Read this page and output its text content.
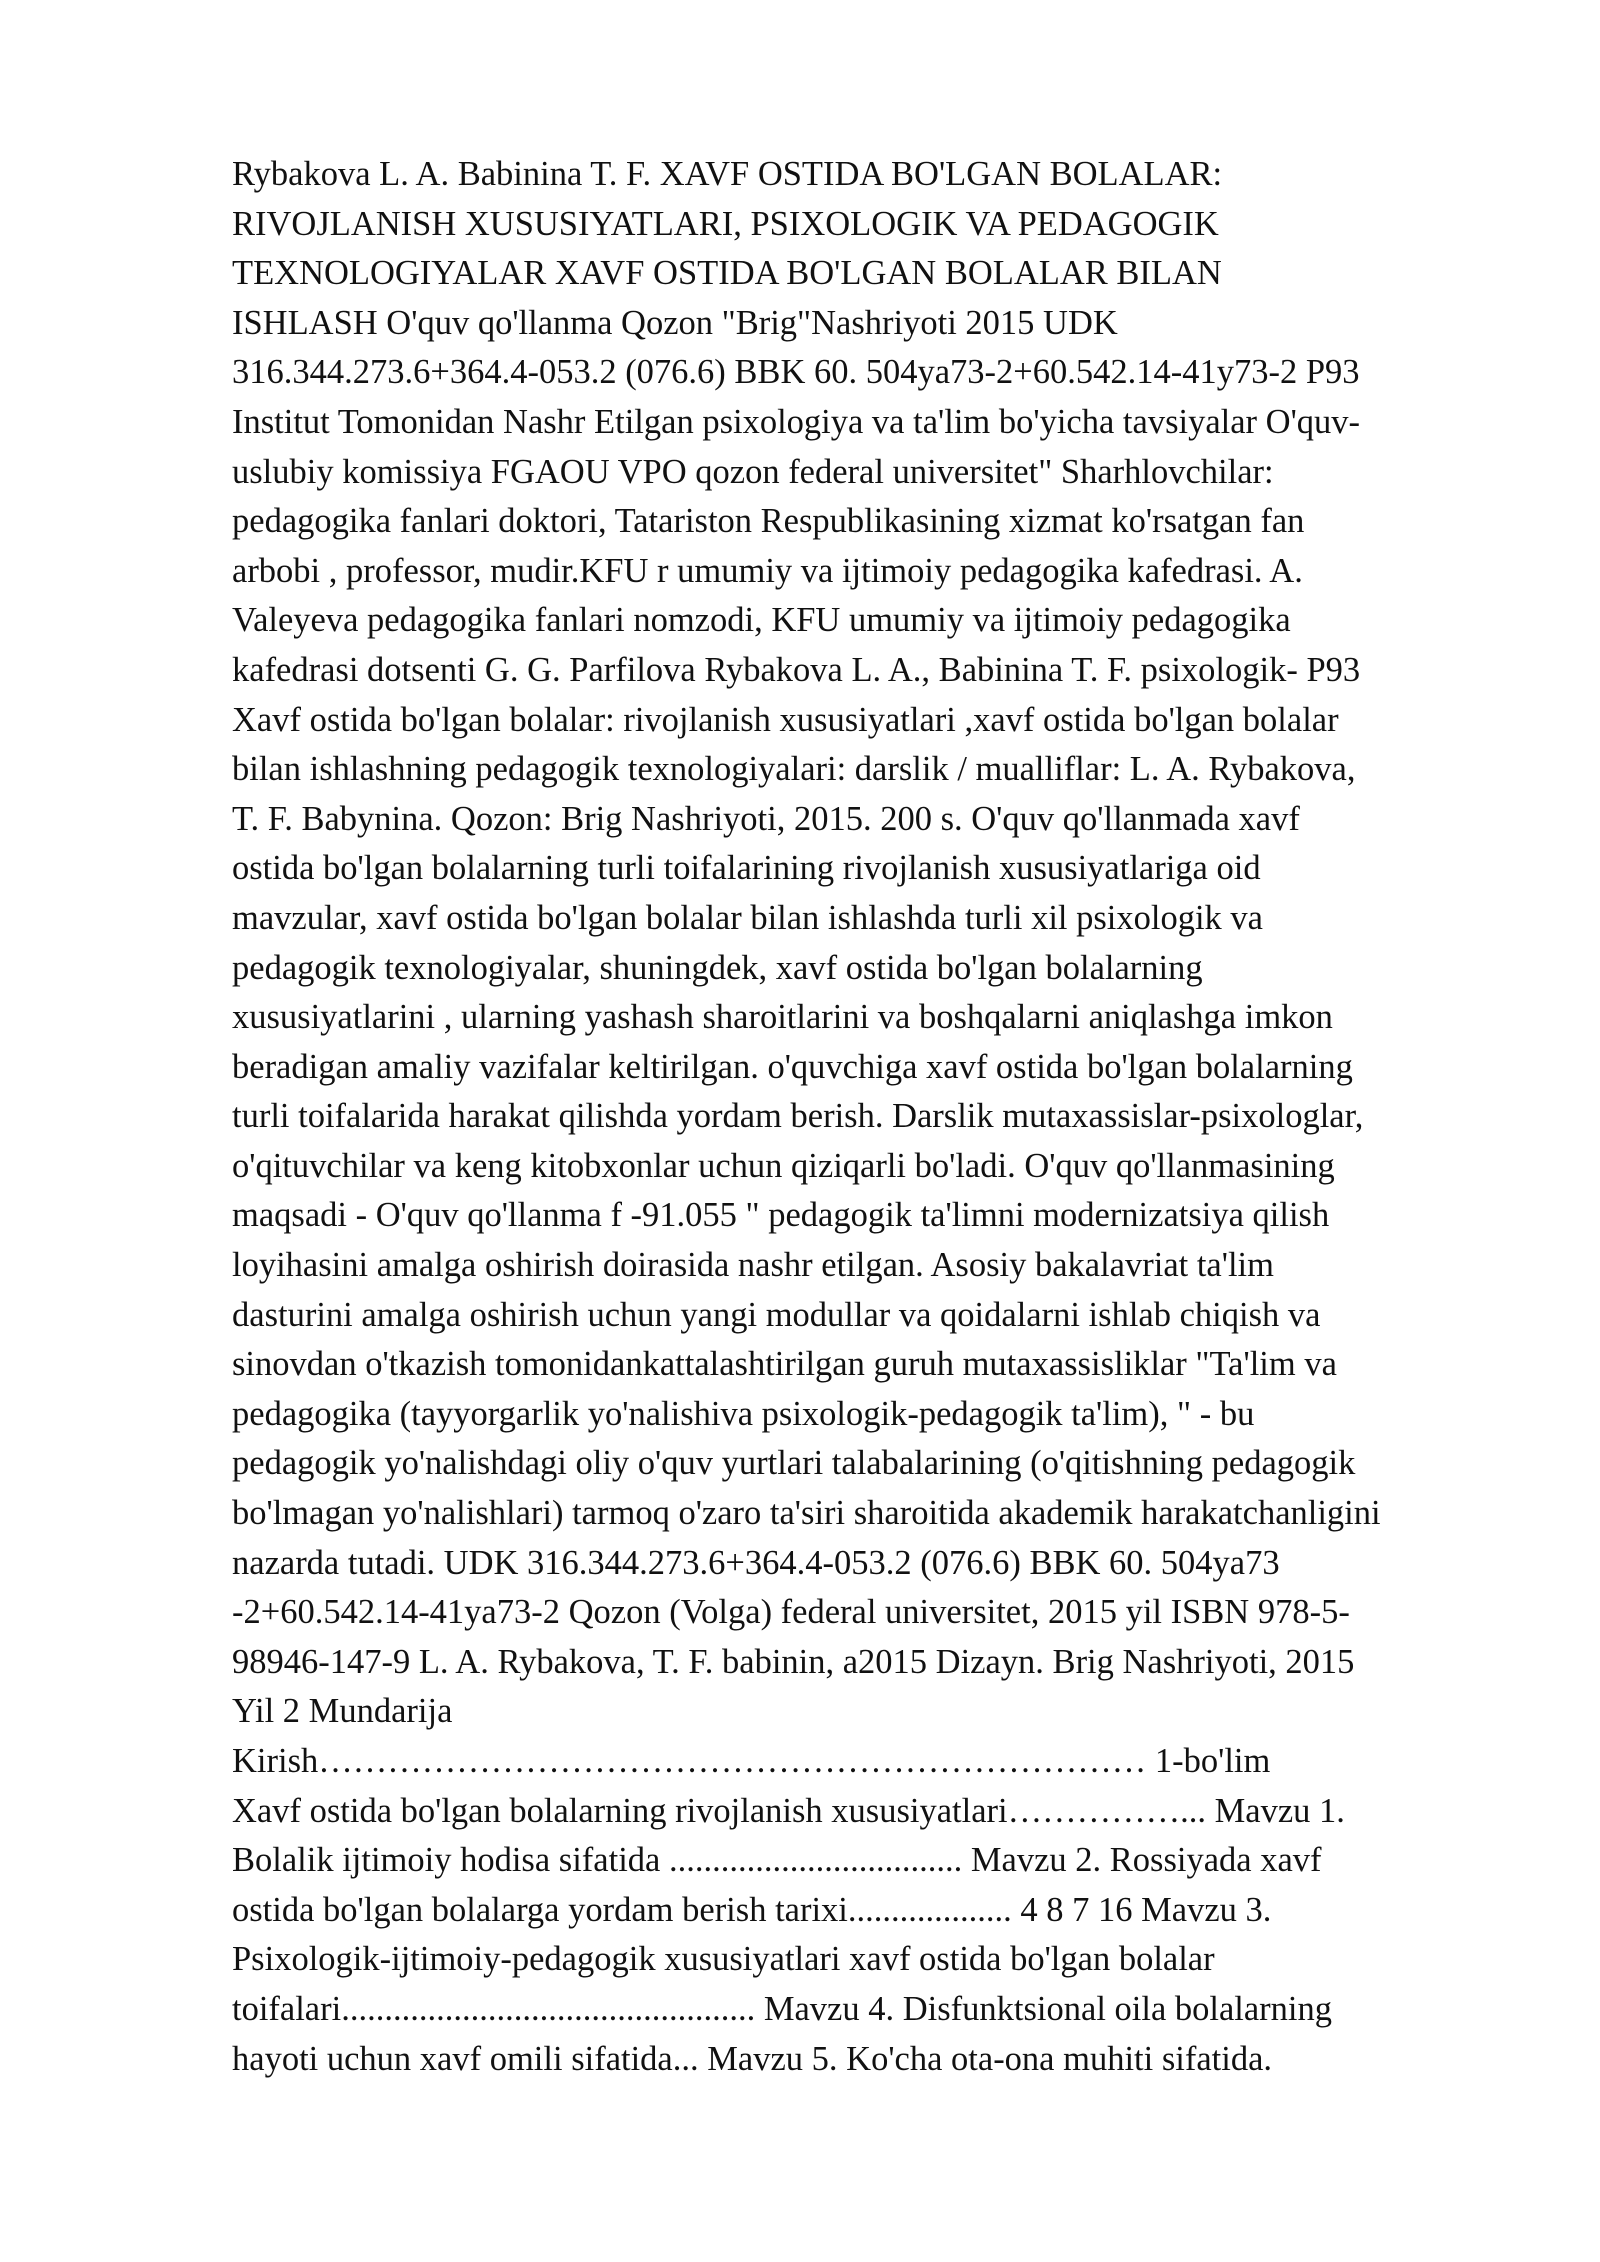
Rybakova L. A. Babinina T. F. XAVF OSTIDA BO'LGAN BOLALAR:
RIVOJLANISH XUSUSIYATLARI, PSIXOLOGIK VA PEDAGOGIK
TEXNOLOGIYALAR XAVF OSTIDA BO'LGAN BOLALAR BILAN
ISHLASH O'quv qo'llanma Qozon "Brig"Nashriyoti 2015 UDK
316.344.273.6+364.4-053.2 (076.6) BBK 60. 504ya73-2+60.542.14-41y73-2 P93
Institut Tomonidan Nashr Etilgan psixologiya va ta'lim bo'yicha tavsiyalar O'quv-
uslubiy komissiya FGAOU VPO qozon federal universitet" Sharhlovchilar:
pedagogika fanlari doktori, Tatariston Respublikasining xizmat ko'rsatgan fan
arbobi , professor, mudir.KFU r umumiy va ijtimoiy pedagogika kafedrasi. A.
Valeyeva pedagogika fanlari nomzodi, KFU umumiy va ijtimoiy pedagogika
kafedrasi dotsenti G. G. Parfilova Rybakova L. A., Babinina T. F. psixologik- P93
Xavf ostida bo'lgan bolalar: rivojlanish xususiyatlari ,xavf ostida bo'lgan bolalar
bilan ishlashning pedagogik texnologiyalari: darslik / mualliflar: L. A. Rybakova,
T. F. Babynina. Qozon: Brig Nashriyoti, 2015. 200 s. O'quv qo'llanmada xavf
ostida bo'lgan bolalarning turli toifalarining rivojlanish xususiyatlariga oid
mavzular, xavf ostida bo'lgan bolalar bilan ishlashda turli xil psixologik va
pedagogik texnologiyalar, shuningdek, xavf ostida bo'lgan bolalarning
xususiyatlarini , ularning yashash sharoitlarini va boshqalarni aniqlashga imkon
beradigan amaliy vazifalar keltirilgan. o'quvchiga xavf ostida bo'lgan bolalarning
turli toifalarida harakat qilishda yordam berish. Darslik mutaxassislar-psixologlar,
o'qituvchilar va keng kitobxonlar uchun qiziqarli bo'ladi. O'quv qo'llanmasining
maqsadi - O'quv qo'llanma f -91.055 " pedagogik ta'limni modernizatsiya qilish
loyihasini amalga oshirish doirasida nashr etilgan. Asosiy bakalavriat ta'lim
dasturini amalga oshirish uchun yangi modullar va qoidalarni ishlab chiqish va
sinovdan o'tkazish tomonidankattalashtirilgan guruh mutaxassisliklar "Ta'lim va
pedagogika (tayyorgarlik yo'nalishiva psixologik-pedagogik ta'lim), " - bu
pedagogik yo'nalishdagi oliy o'quv yurtlari talabalarining (o'qitishning pedagogik
bo'lmagan yo'nalishlari) tarmoq o'zaro ta'siri sharoitida akademik harakatchanligini
nazarda tutadi. UDK 316.344.273.6+364.4-053.2 (076.6) BBK 60. 504ya73
-2+60.542.14-41ya73-2 Qozon (Volga) federal universitet, 2015 yil ISBN 978-5-
98946-147-9 L. A. Rybakova, T. F. babinin, a2015 Dizayn. Brig Nashriyoti, 2015
Yil 2 Mundarija
Kirish……………………………………………………………… 1-bo'lim
Xavf ostida bo'lgan bolalarning rivojlanish xususiyatlari……………... Mavzu 1.
Bolalik ijtimoiy hodisa sifatida .................................. Mavzu 2. Rossiyada xavf
ostida bo'lgan bolalarga yordam berish tarixi................... 4 8 7 16 Mavzu 3.
Psixologik-ijtimoiy-pedagogik xususiyatlari xavf ostida bo'lgan bolalar
toifalari................................................ Mavzu 4. Disfunktsional oila bolalarning
hayoti uchun xavf omili sifatida... Mavzu 5. Ko'cha ota-ona muhiti sifatida.
